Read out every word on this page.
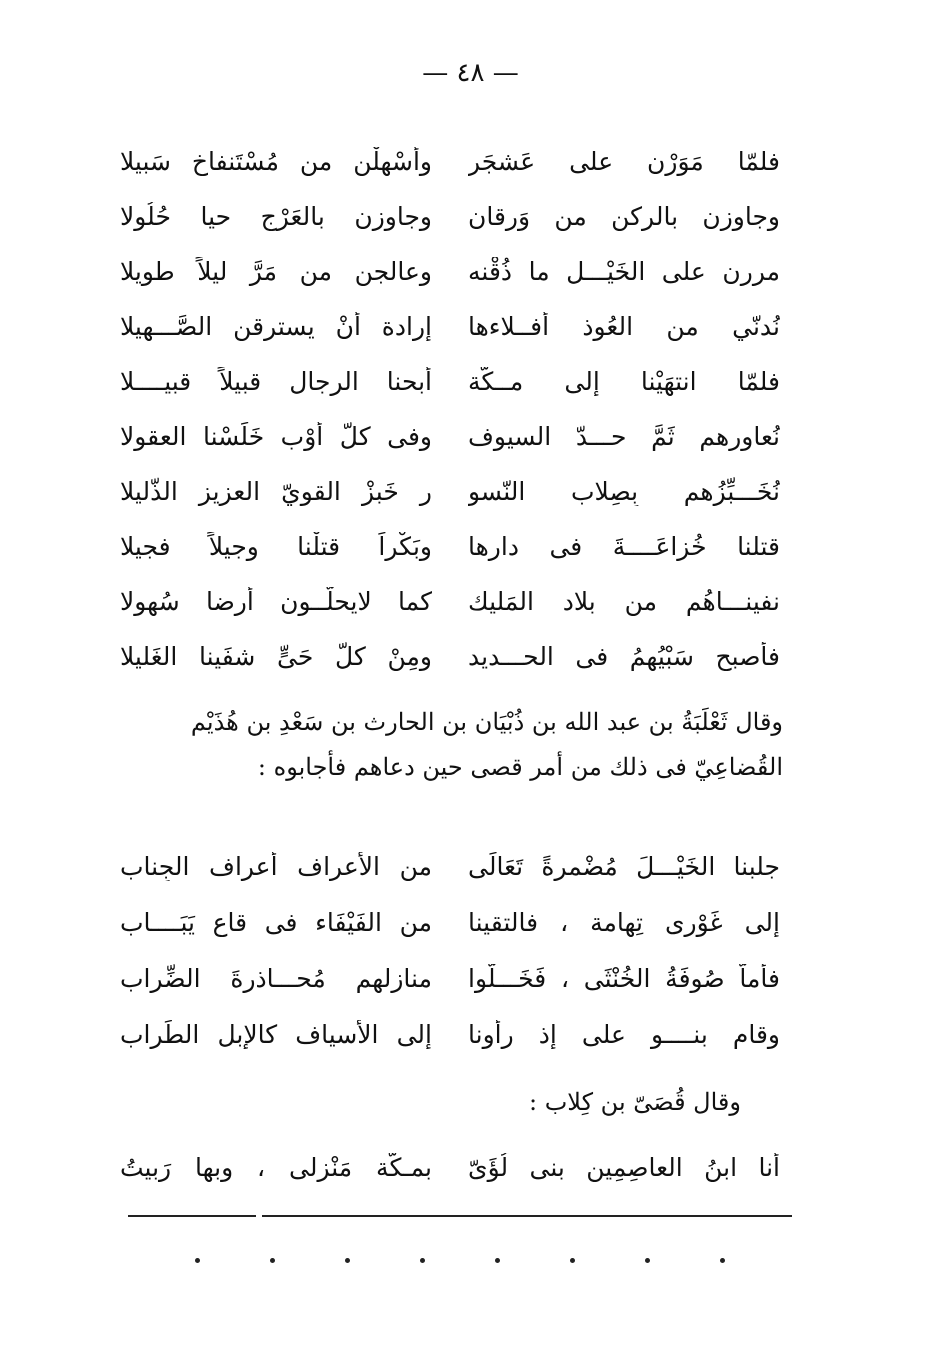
— ٤٨ —
فلمّا مَوَرْن على عَشجَرٍ
وأسْهلْن من مُسْتَنفاخ سَبيلا
وجاوزن بالركن من وَرقان
وجاوزن بالعَرْج حيا حُلُولا
مررن على الخَيْـــلِ ما ذُقْنه
وعالجن من مَرَّ ليلاً طويلا
نُدنّي من العُوذ أفــلاءها
إرادة أنْ يسترقن الصَّـــهيلا
فلمّا انتهَيْنا إلى مــكّة
أبحنا الرجال قبيلاً قبيــــلا
نُعاورهم ثَمَّ حـــدّ السيوف
وفى كلّ أوْب خَلَسْنا العقولا
نُخَـــبِّزُهم بِصِلاب النّسو
رِ خَبزْ القويّ العزيز الذّليلا
قتلنا خُزاعَــــةَ فى دارها
وبَكْراً قتلْنا وجيلاً فجيلا
نفينـــاهُم من بلاد المَليك
كما لايحلّــون أرضا سُهولا
فأصبح سَبْيُهمُ فى الحـــديد
ومِنْ كلّ حَىٍّ شفَينا الغَليلا
وقال ثَعْلَبَةُ بن عبد الله بن ذُبْيَان بن الحارث بن سَعْدِ بن هُذَيْم القُضاعِيّ فى ذلك من أمر قصى حين دعاهم فأجابوه :
جلبنا الخَيْـــلَ مُضْمرةً تَعَالَى
من الأعراف أعراف الجِناب
إلى غَوْرى تِهامة ، فالتقينا
من الفَيْفَاء فى قاع يَبَــــاب
فأماَّ صُوفَةُ الخُنْثَى ، فَخَـــلّوا
منازِلهم مُحـــاذرةَ الضِّراب
وقام بنــــو على إذ رأونا
إلى الأسياف كالإبل الطِّراب
وقال قُصَىّ بن كِلاب :
أنا ابنُ العاصِمِين بنى لُؤَىّ
بمـكّة مَنْزلى ، وبها رَبيتُ
